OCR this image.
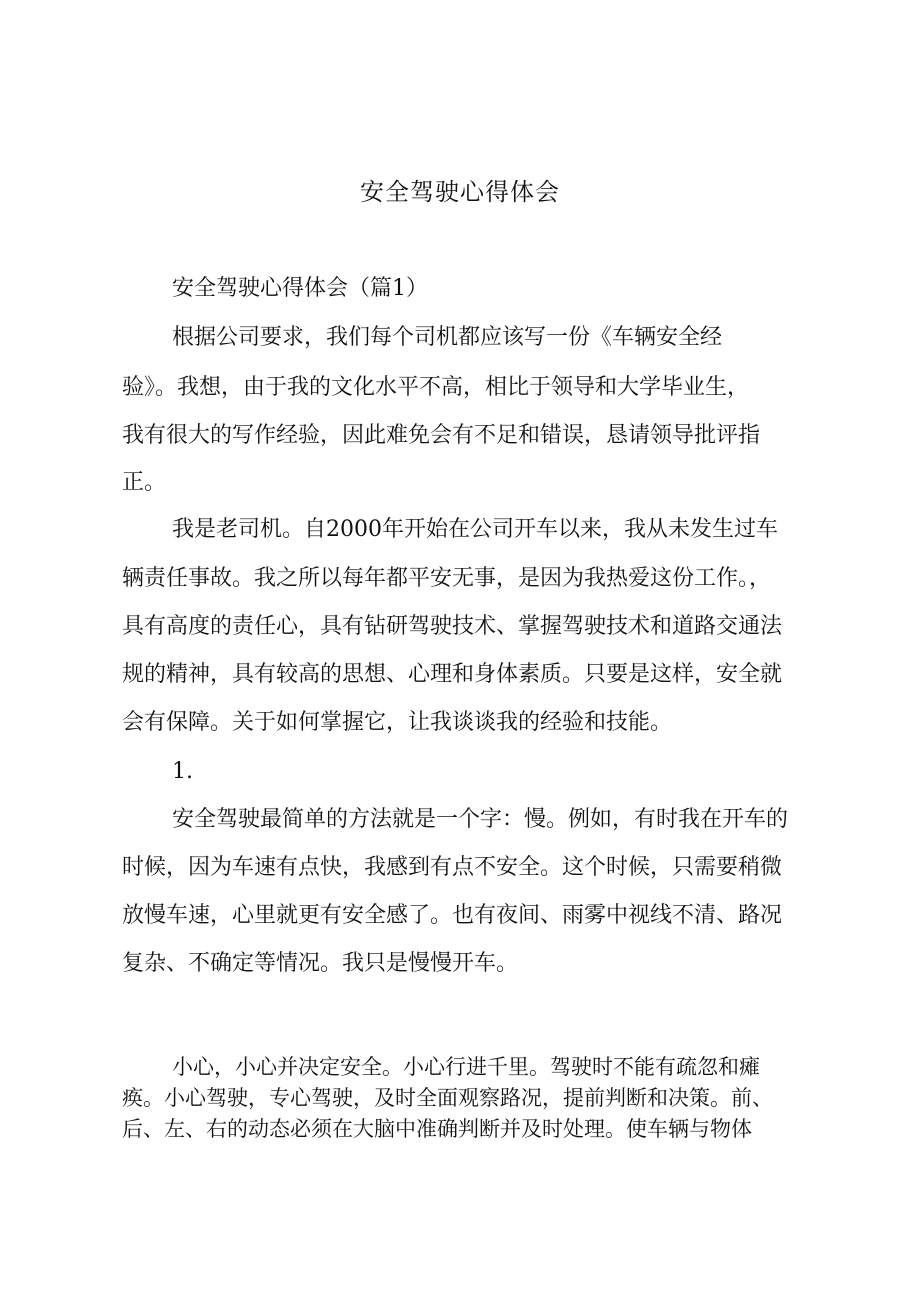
安全驾驶心得体会
安全驾驶心得体会（篇1）
根据公司要求，我们每个司机都应该写一份《车辆安全经
验》。我想，由于我的文化水平不高，相比于领导和大学毕业生，
我有很大的写作经验，因此难免会有不足和错误，恳请领导批评指
正。
我是老司机。自2000年开始在公司开车以来，我从未发生过车
辆责任事故。我之所以每年都平安无事，是因为我热爱这份工作。，
具有高度的责任心，具有钻研驾驶技术、掌握驾驶技术和道路交通法
规的精神，具有较高的思想、心理和身体素质。只要是这样，安全就
会有保障。关于如何掌握它，让我谈谈我的经验和技能。
1.
安全驾驶最简单的方法就是一个字：慢。例如，有时我在开车的
时候，因为车速有点快，我感到有点不安全。这个时候，只需要稍微
放慢车速，心里就更有安全感了。也有夜间、雨雾中视线不清、路况
复杂、不确定等情况。我只是慢慢开车。
小心，小心并决定安全。小心行进千里。驾驶时不能有疏忽和瘫
痪。小心驾驶，专心驾驶，及时全面观察路况，提前判断和决策。前、
后、左、右的动态必须在大脑中准确判断并及时处理。使车辆与物体
